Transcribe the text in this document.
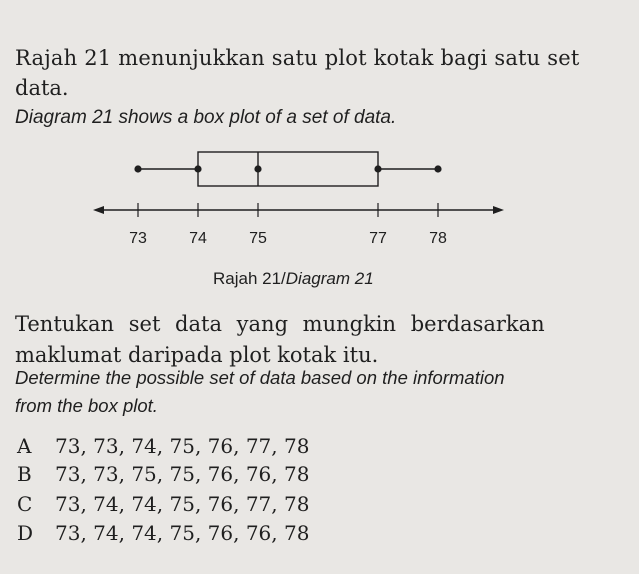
Rajah 21 menunjukkan satu plot kotak bagi satu set
data.
Diagram 21 shows a box plot of a set of data.
73	74	75	77	78
Rajah 21/Diagram 21
Tentukan set data yang mungkin berdasarkan
maklumat daripada plot kotak itu.
Determine the possible set of data based on the information
from the box plot.
A 73, 73, 74, 75, 76, 77, 78
B 73, 73, 75, 75, 76, 76, 78
C 73, 74, 74, 75, 76, 77, 78
D 73, 74, 74, 75, 76, 76, 78
